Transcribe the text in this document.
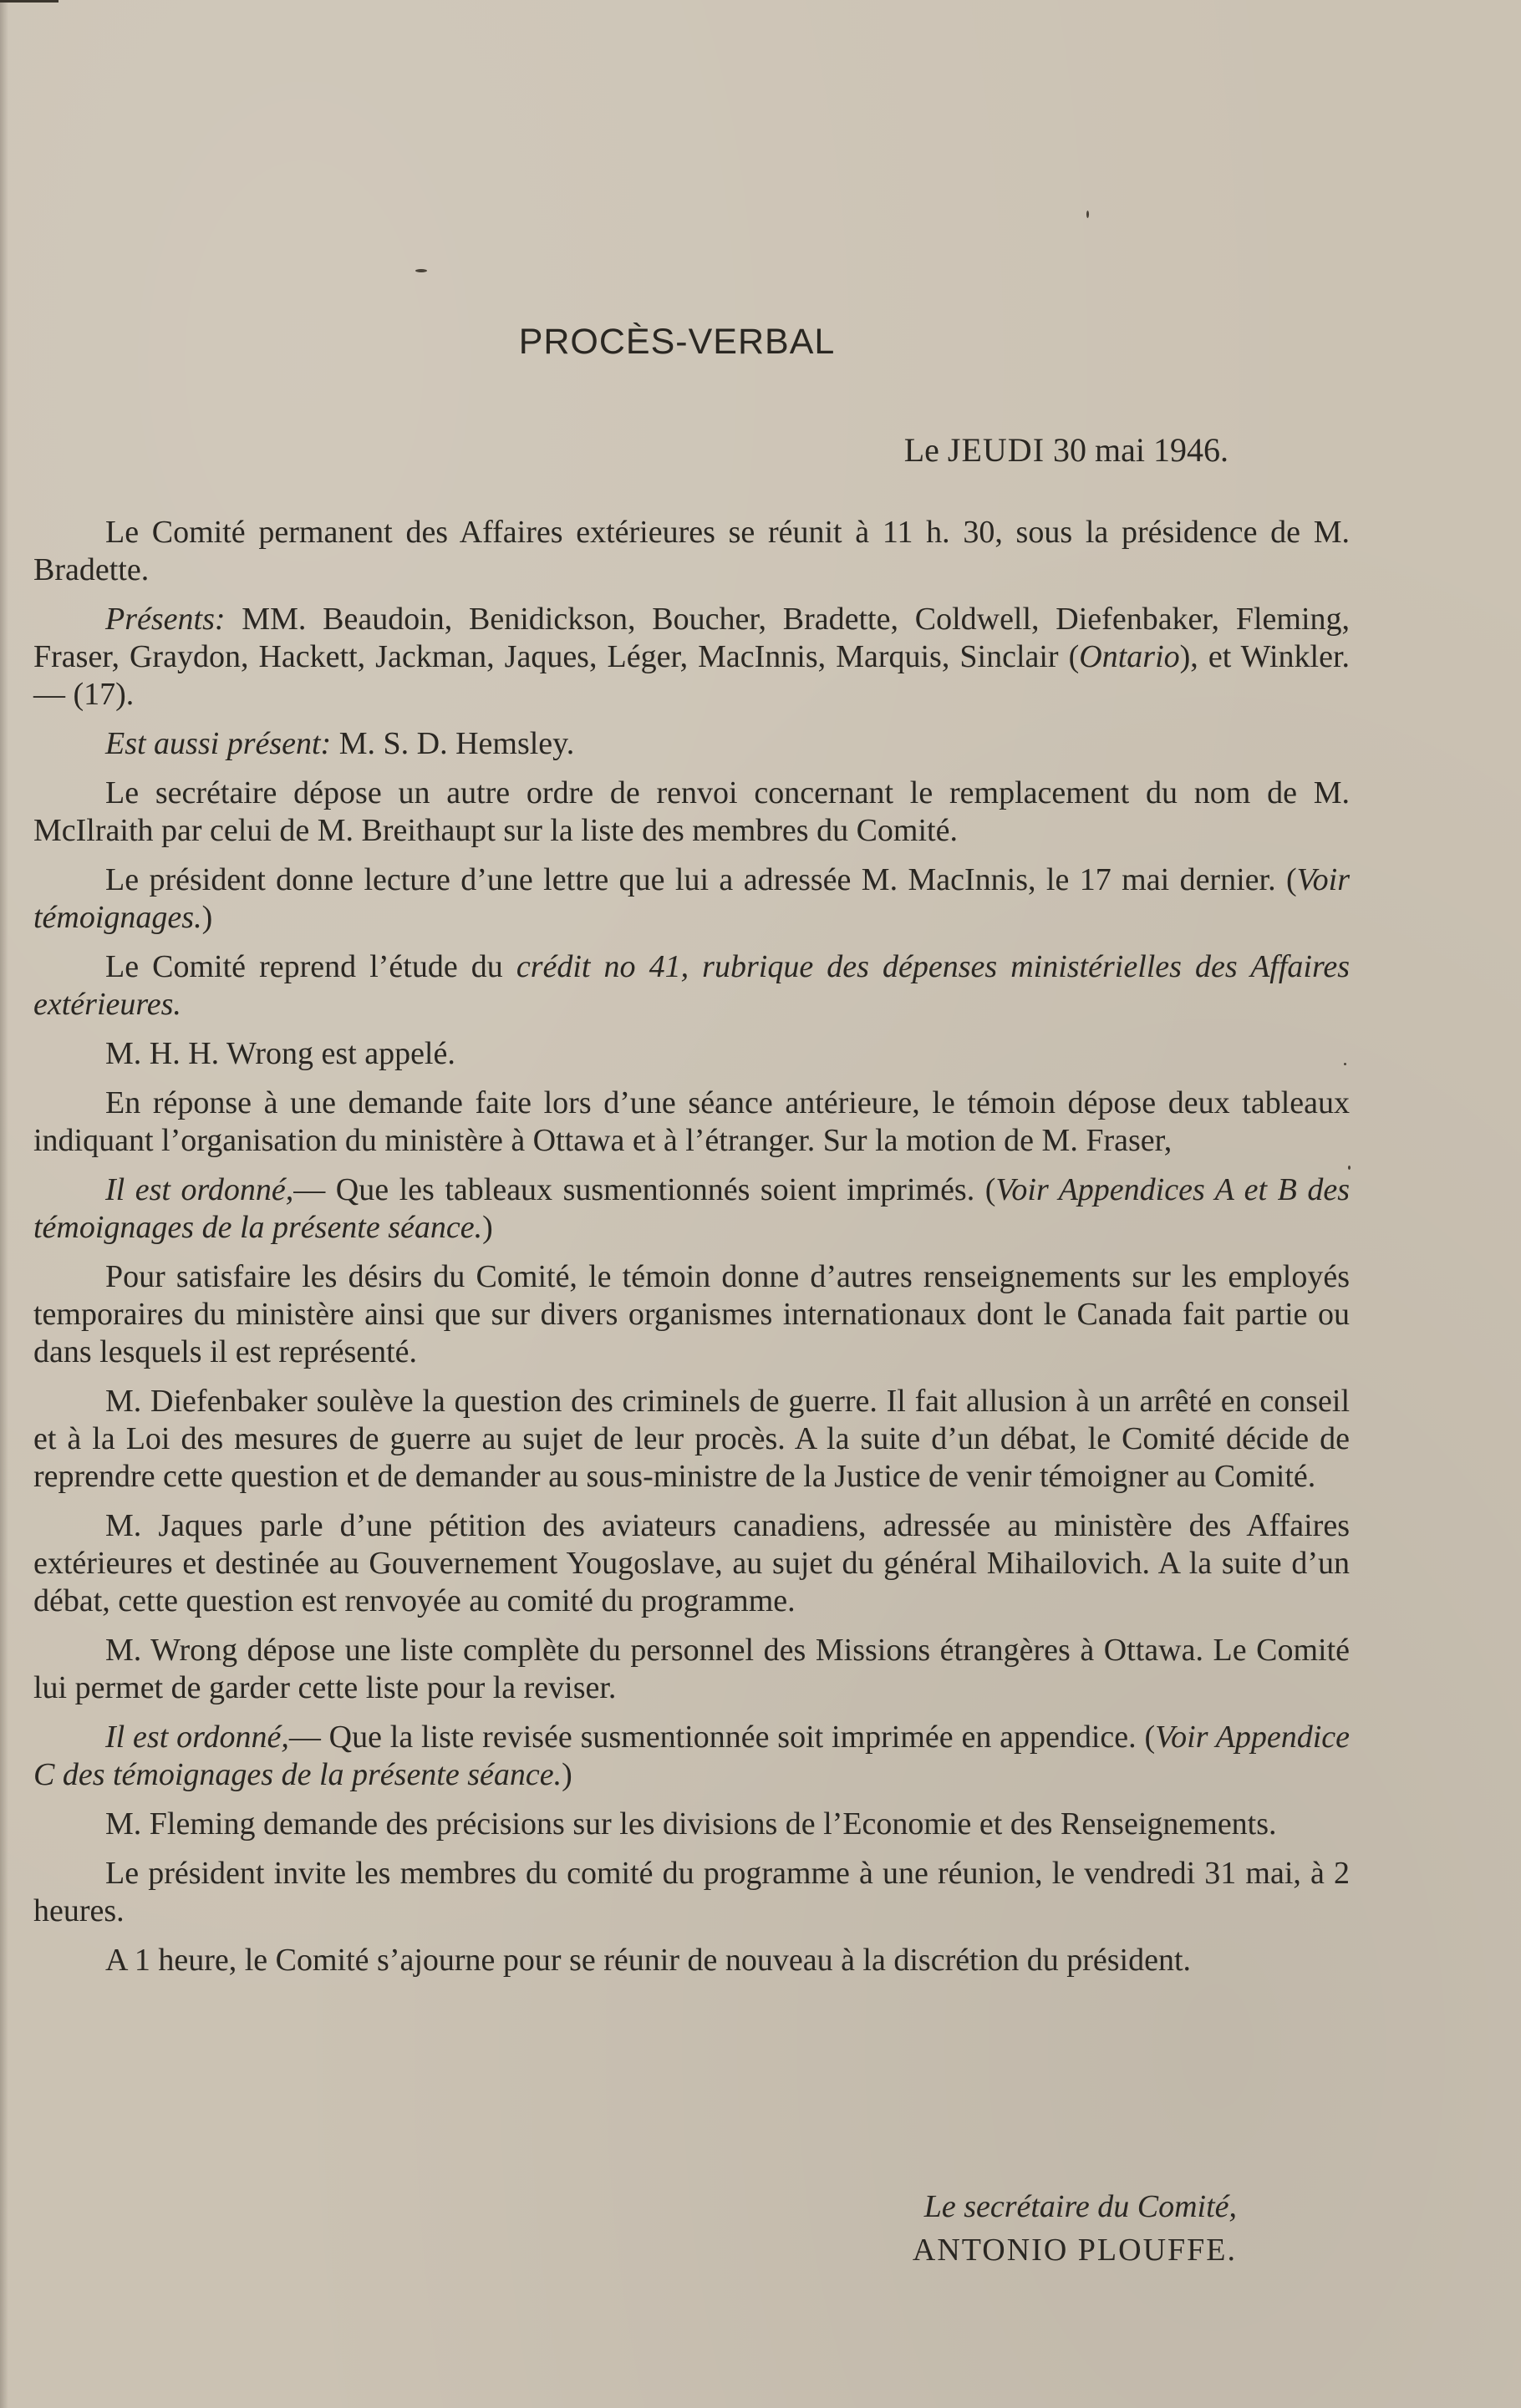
PROCÈS-VERBAL
Le JEUDI 30 mai 1946.

Le Comité permanent des Affaires extérieures se réunit à 11 h. 30, sous la présidence de M. Bradette.

Présents: MM. Beaudoin, Benidickson, Boucher, Bradette, Coldwell, Diefenbaker, Fleming, Fraser, Graydon, Hackett, Jackman, Jaques, Léger, MacInnis, Marquis, Sinclair (Ontario), et Winkler.— (17).

Est aussi présent: M. S. D. Hemsley.

Le secrétaire dépose un autre ordre de renvoi concernant le remplacement du nom de M. McIlraith par celui de M. Breithaupt sur la liste des membres du Comité.

Le président donne lecture d’une lettre que lui a adressée M. MacInnis, le 17 mai dernier. (Voir témoignages.)

Le Comité reprend l’étude du crédit no 41, rubrique des dépenses ministérielles des Affaires extérieures.

M. H. H. Wrong est appelé.

En réponse à une demande faite lors d’une séance antérieure, le témoin dépose deux tableaux indiquant l’organisation du ministère à Ottawa et à l’étranger. Sur la motion de M. Fraser,

Il est ordonné,— Que les tableaux susmentionnés soient imprimés. (Voir Appendices A et B des témoignages de la présente séance.)

Pour satisfaire les désirs du Comité, le témoin donne d’autres renseignements sur les employés temporaires du ministère ainsi que sur divers organismes internationaux dont le Canada fait partie ou dans lesquels il est représenté.

M. Diefenbaker soulève la question des criminels de guerre. Il fait allusion à un arrêté en conseil et à la Loi des mesures de guerre au sujet de leur procès. A la suite d’un débat, le Comité décide de reprendre cette question et de demander au sous-ministre de la Justice de venir témoigner au Comité.

M. Jaques parle d’une pétition des aviateurs canadiens, adressée au ministère des Affaires extérieures et destinée au Gouvernement Yougoslave, au sujet du général Mihailovich. A la suite d’un débat, cette question est renvoyée au comité du programme.

M. Wrong dépose une liste complète du personnel des Missions étrangères à Ottawa. Le Comité lui permet de garder cette liste pour la reviser.

Il est ordonné,— Que la liste revisée susmentionnée soit imprimée en appendice. (Voir Appendice C des témoignages de la présente séance.)

M. Fleming demande des précisions sur les divisions de l’Economie et des Renseignements.

Le président invite les membres du comité du programme à une réunion, le vendredi 31 mai, à 2 heures.

A 1 heure, le Comité s’ajourne pour se réunir de nouveau à la discrétion du président.

Le secrétaire du Comité,
ANTONIO PLOUFFE.
